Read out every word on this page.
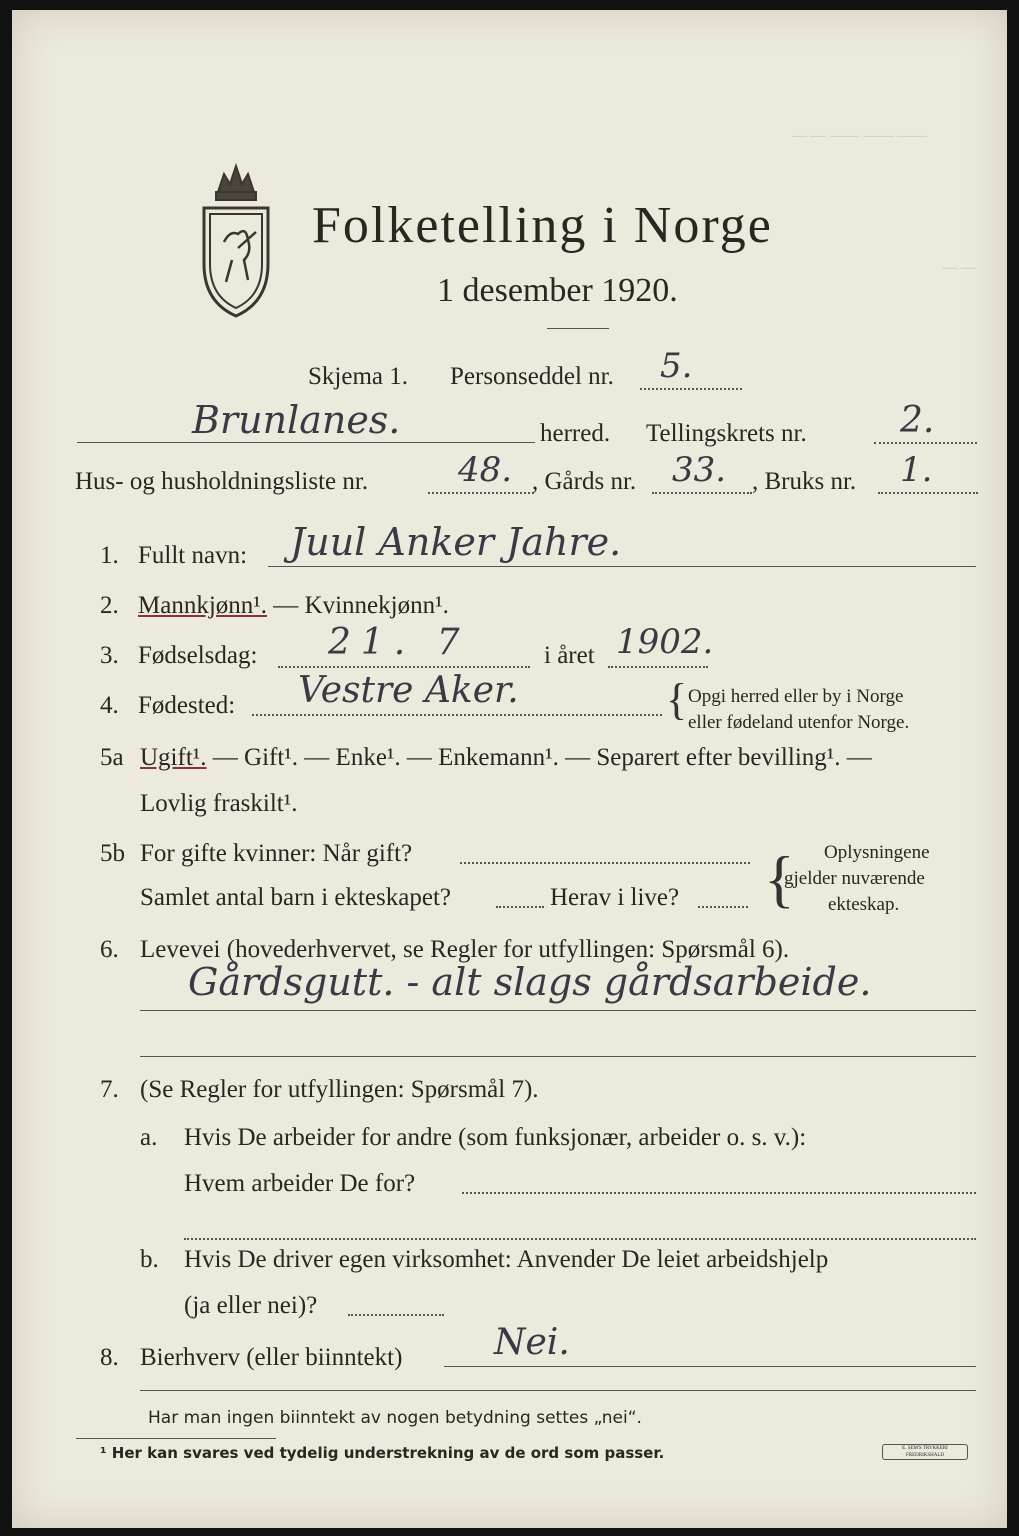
― ― ―― ―― ――
― ―
Folketelling i Norge
1 desember 1920.
Skjema 1. Personseddel nr. 5.
Brunlanes.	herred. Tellingskrets nr.	2.
Hus- og husholdningsliste nr.	48. , Gårds nr. 33. , Bruks nr. 1.
1. Fullt navn: Juul Anker Jahre.
2. Mannkjønn¹. — Kvinnekjønn¹.
3. Fødselsdag: 21. 7	i året 1902.
4. Fødested: Vestre Aker.	{ Opgi herred eller by i Norge
eller fødeland utenfor Norge.
5a Ugift¹. — Gift¹. — Enke¹. — Enkemann¹. — Separert efter bevilling¹. —
Lovlig fraskilt¹.
5b For gifte kvinner: Når gift?
Samlet antal barn i ekteskapet?	Herav i live? { Oplysningene
gjelder nuværende
ekteskap.
6. Levevei (hovederhvervet, se Regler for utfyllingen: Spørsmål 6).
Gårdsgutt. - alt slags gårdsarbeide.
7. (Se Regler for utfyllingen: Spørsmål 7).
a. Hvis De arbeider for andre (som funksjonær, arbeider o. s. v.):
Hvem arbeider De for?
b. Hvis De driver egen virksomhet: Anvender De leiet arbeidshjelp
(ja eller nei)?
8. Bierhverv (eller biinntekt)	Nei.
Har man ingen biinntekt av nogen betydning settes „nei“.
¹ Her kan svares ved tydelig understrekning av de ord som passer.	E. SEM'S TRYKKERI FREDRIKSHALD
